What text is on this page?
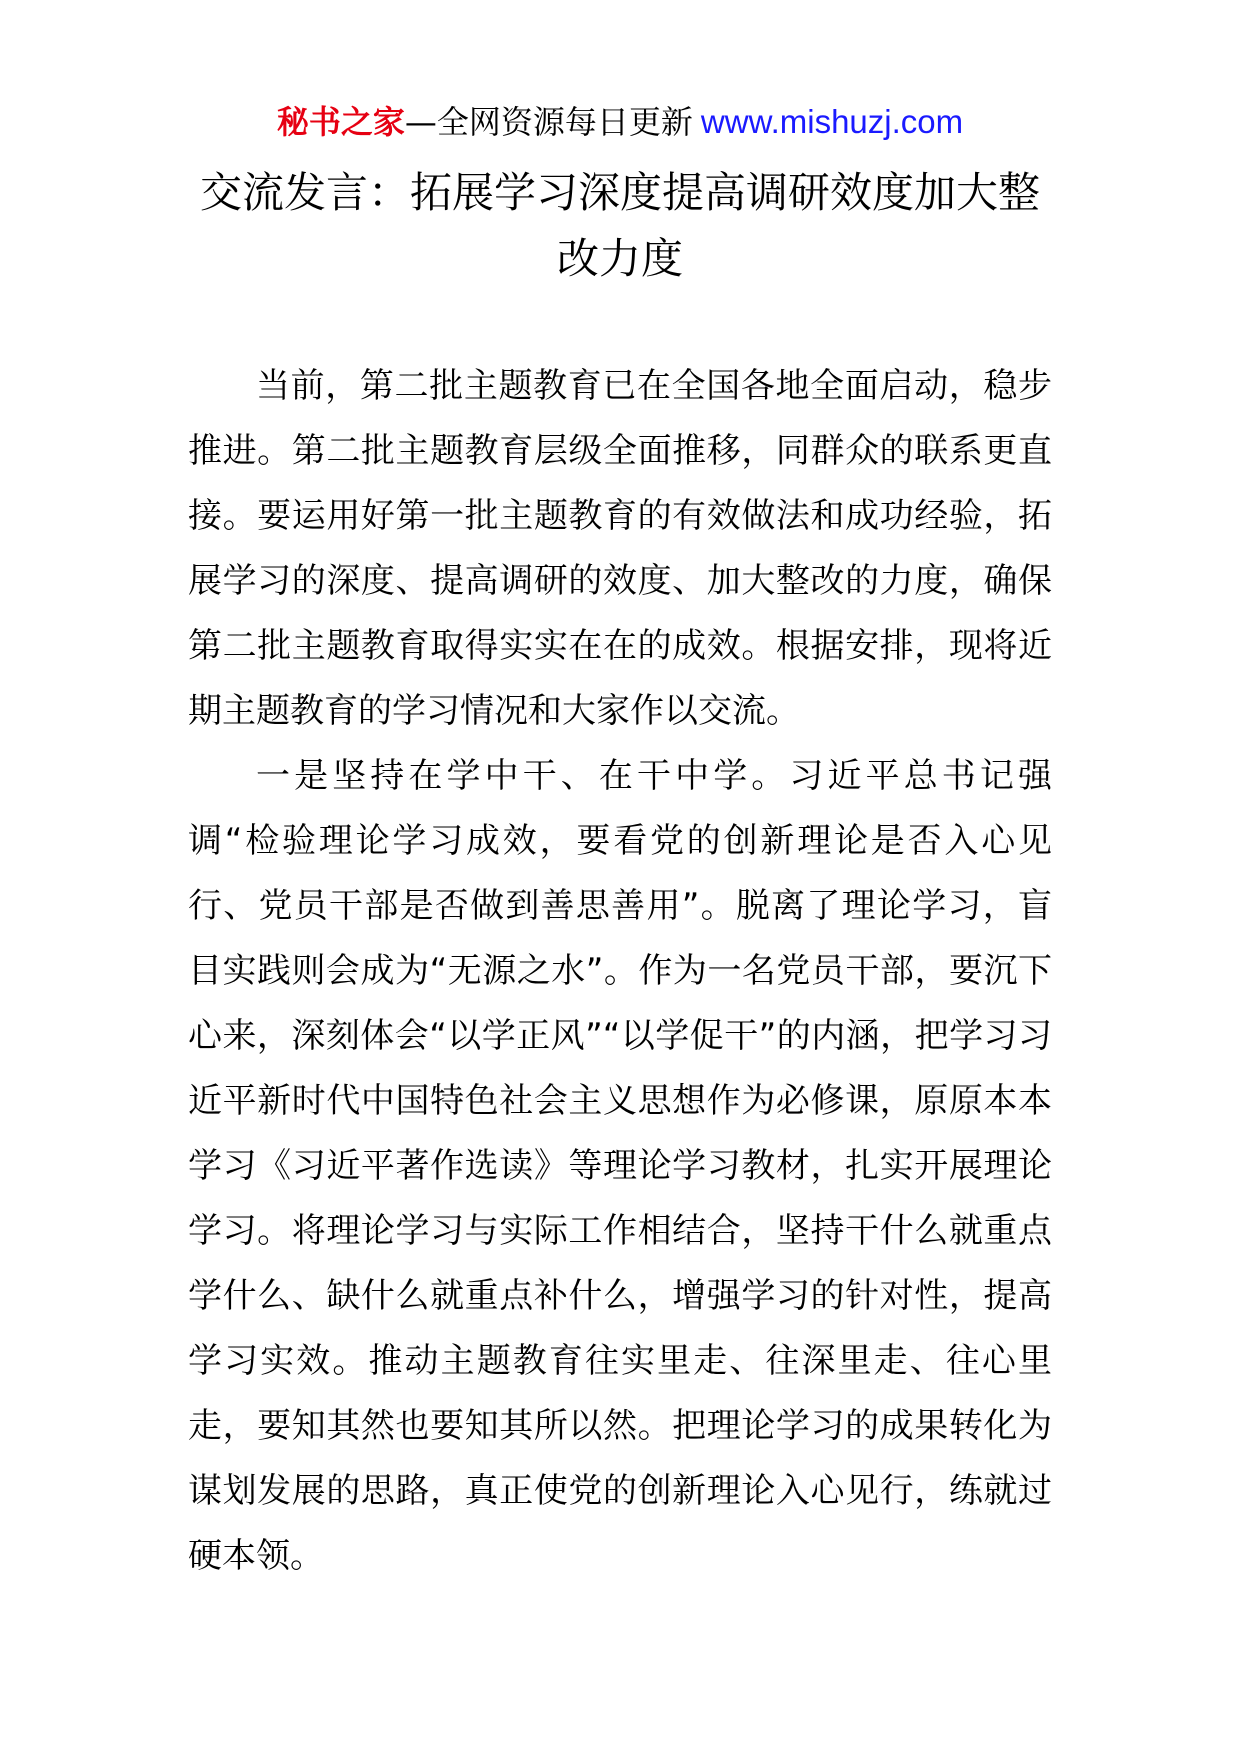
秘书之家—全网资源每日更新 www.mishuzj.com
交流发言：拓展学习深度提高调研效度加大整改力度

当前，第二批主题教育已在全国各地全面启动，稳步推进。第二批主题教育层级全面推移，同群众的联系更直接。要运用好第一批主题教育的有效做法和成功经验，拓展学习的深度、提高调研的效度、加大整改的力度，确保第二批主题教育取得实实在在的成效。根据安排，现将近期主题教育的学习情况和大家作以交流。

一是坚持在学中干、在干中学。习近平总书记强调“检验理论学习成效，要看党的创新理论是否入心见行、党员干部是否做到善思善用”。脱离了理论学习，盲目实践则会成为“无源之水”。作为一名党员干部，要沉下心来，深刻体会“以学正风”“以学促干”的内涵，把学习习近平新时代中国特色社会主义思想作为必修课，原原本本学习《习近平著作选读》等理论学习教材，扎实开展理论学习。将理论学习与实际工作相结合，坚持干什么就重点学什么、缺什么就重点补什么，增强学习的针对性，提高学习实效。推动主题教育往实里走、往深里走、往心里走，要知其然也要知其所以然。把理论学习的成果转化为谋划发展的思路，真正使党的创新理论入心见行，练就过硬本领。
